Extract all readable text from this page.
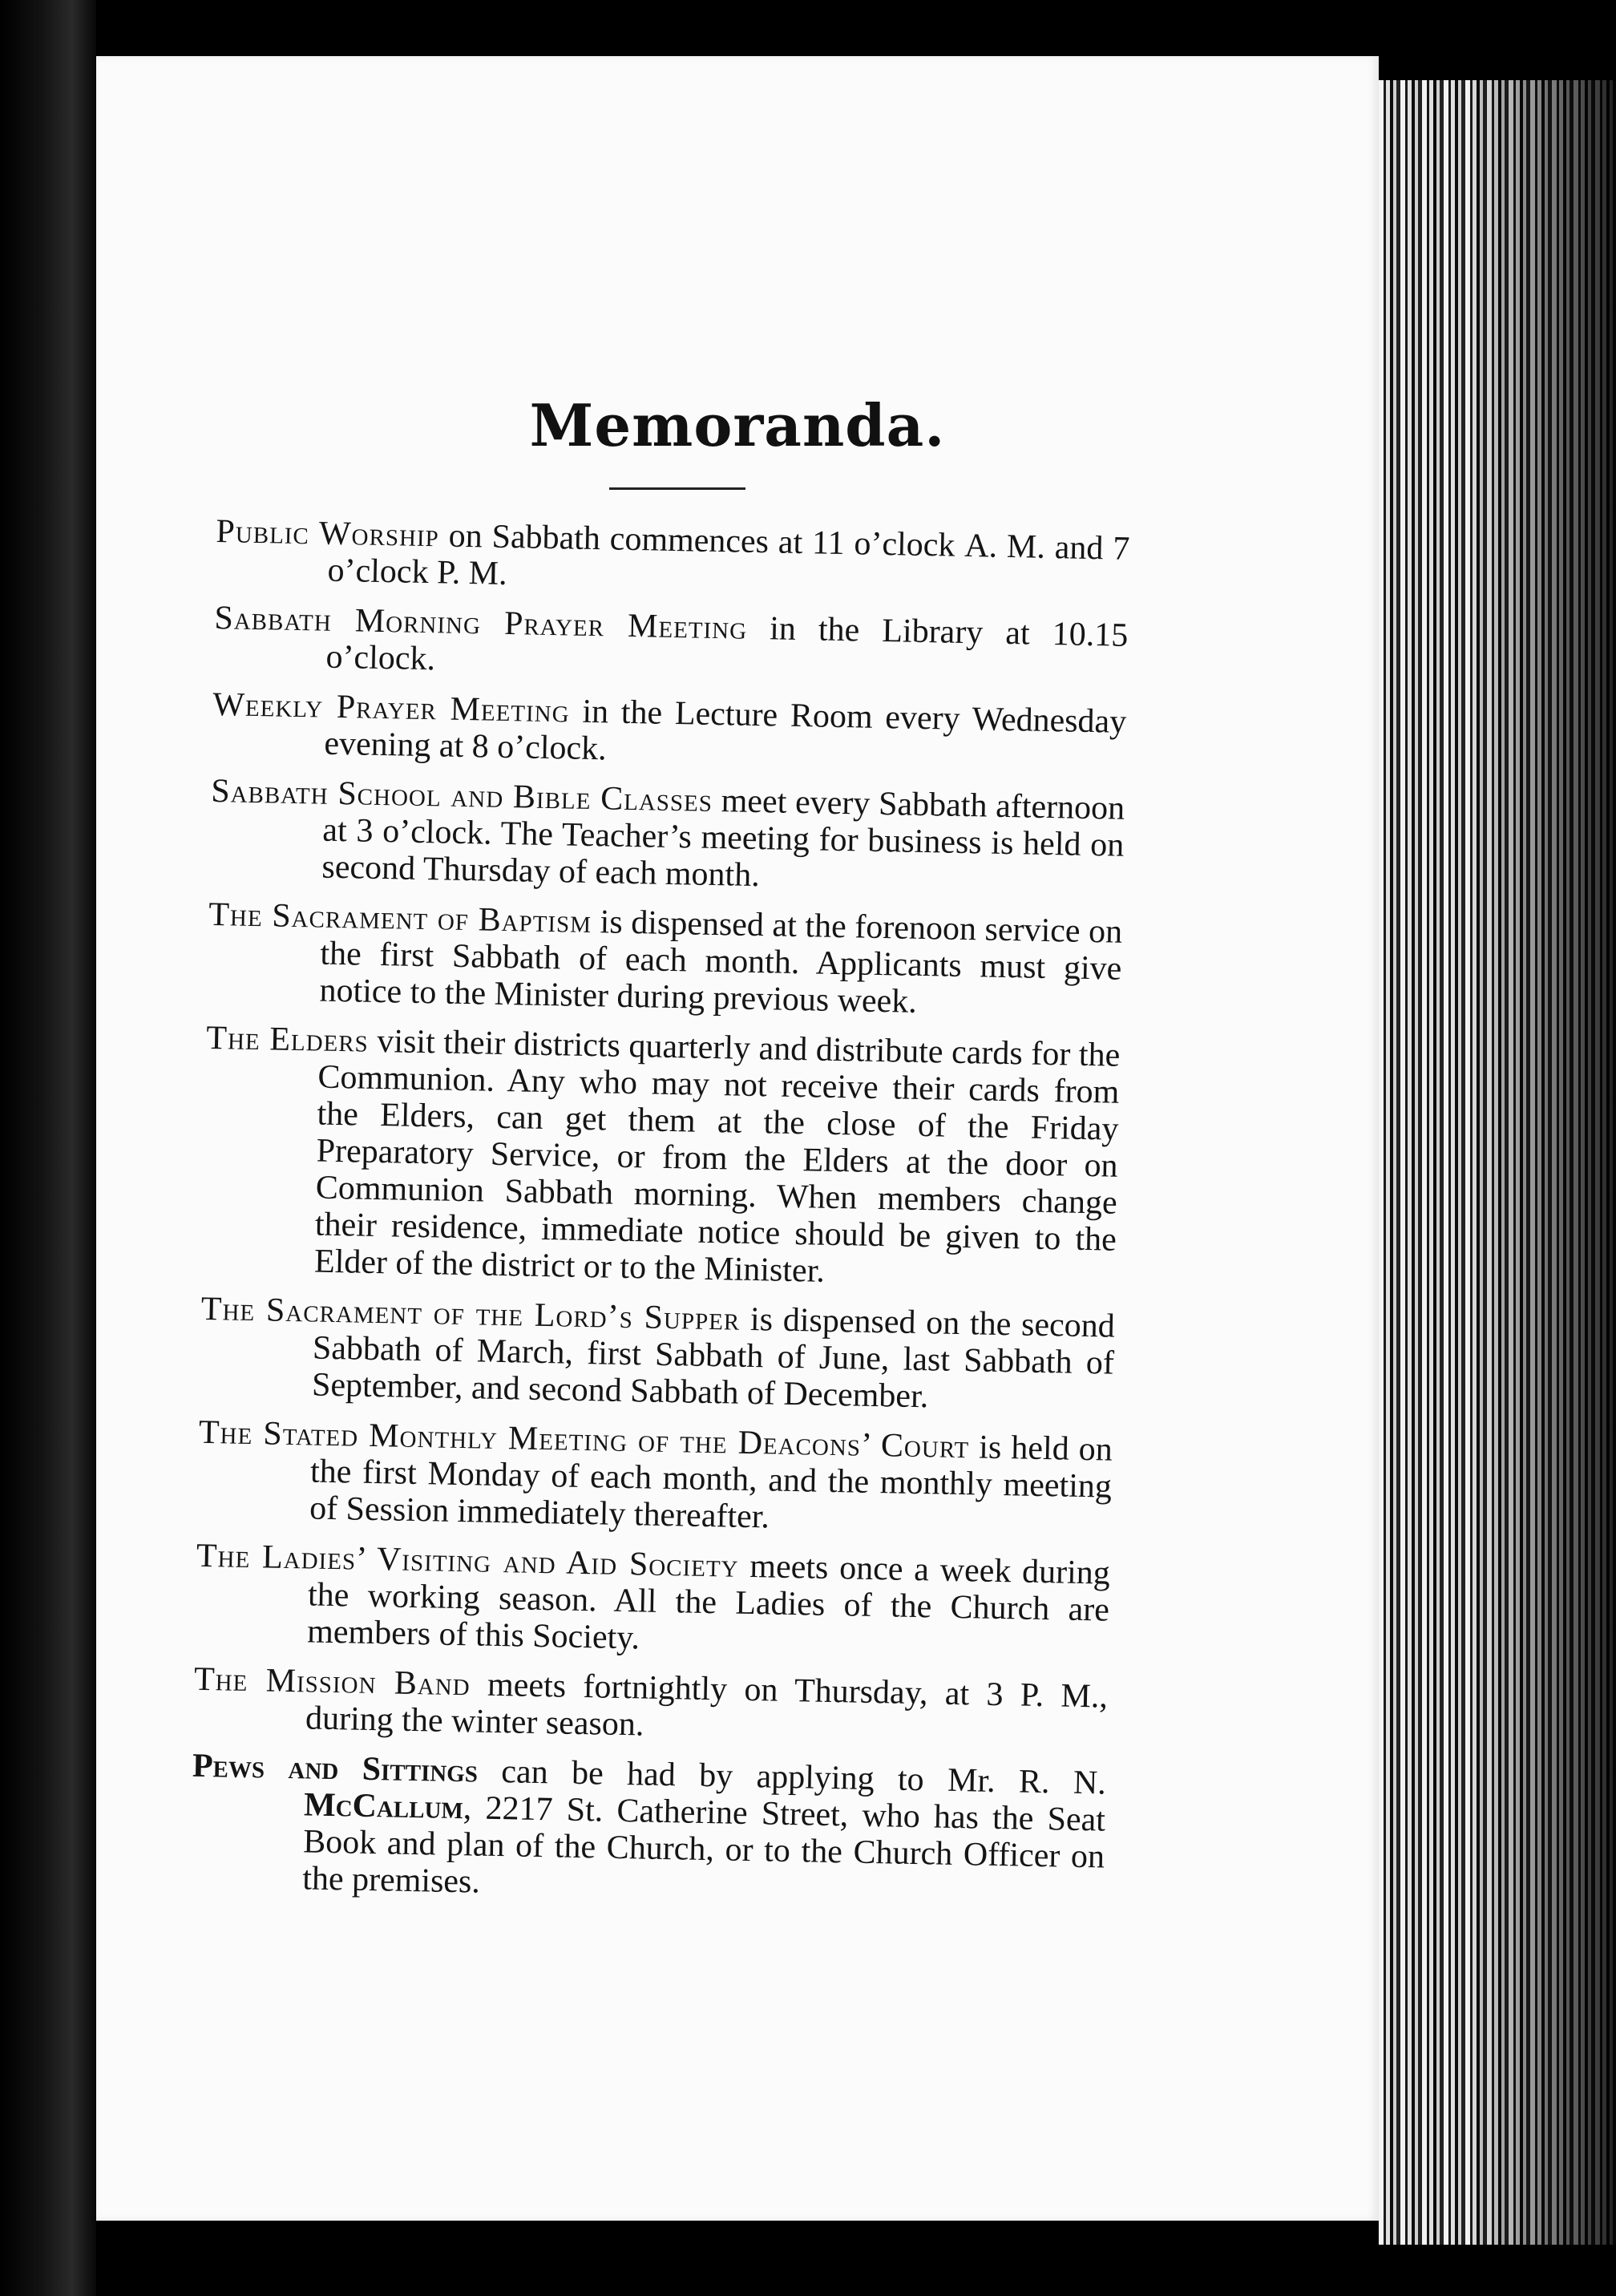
Memoranda.

Public Worship on Sabbath commences at 11 o’clock A. M. and 7 o’clock P. M.

Sabbath Morning Prayer Meeting in the Library at 10.15 o’clock.

Weekly Prayer Meeting in the Lecture Room every Wednesday evening at 8 o’clock.

Sabbath School and Bible Classes meet every Sabbath afternoon at 3 o’clock. The Teacher’s meeting for business is held on second Thursday of each month.

The Sacrament of Baptism is dispensed at the forenoon service on the first Sabbath of each month. Applicants must give notice to the Minister during previous week.

The Elders visit their districts quarterly and distribute cards for the Communion. Any who may not receive their cards from the Elders, can get them at the close of the Friday Preparatory Service, or from the Elders at the door on Communion Sabbath morning. When members change their residence, immediate notice should be given to the Elder of the district or to the Minister.

The Sacrament of the Lord’s Supper is dispensed on the second Sabbath of March, first Sabbath of June, last Sabbath of September, and second Sabbath of December.

The Stated Monthly Meeting of the Deacons’ Court is held on the first Monday of each month, and the monthly meeting of Session immediately thereafter.

The Ladies’ Visiting and Aid Society meets once a week during the working season. All the Ladies of the Church are members of this Society.

The Mission Band meets fortnightly on Thursday, at 3 P. M., during the winter season.

Pews and Sittings can be had by applying to Mr. R. N. McCallum, 2217 St. Catherine Street, who has the Seat Book and plan of the Church, or to the Church Officer on the premises.
